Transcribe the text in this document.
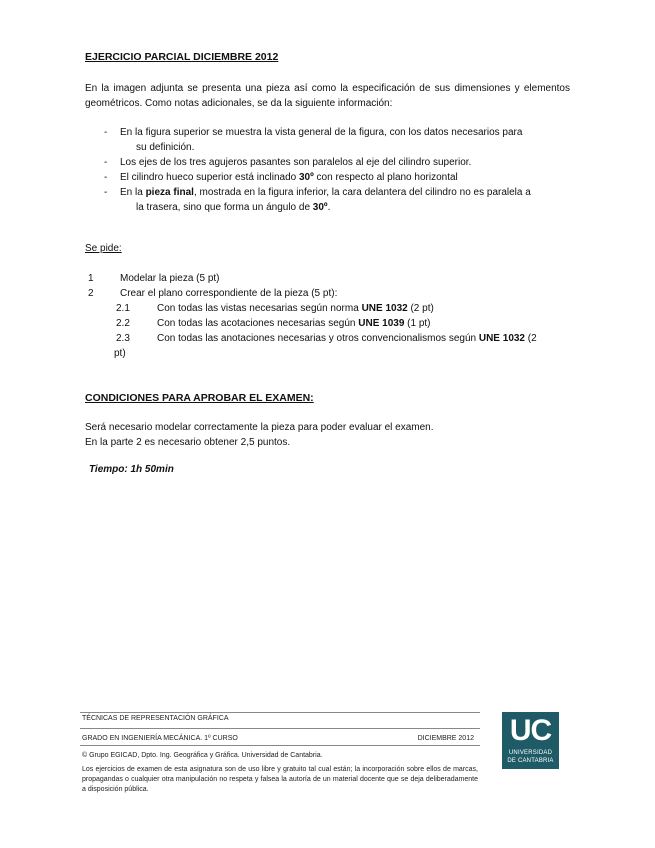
EJERCICIO PARCIAL DICIEMBRE 2012
En la imagen adjunta se presenta una pieza así como la especificación de sus dimensiones y elementos geométricos. Como notas adicionales, se da la siguiente información:
- En la figura superior se muestra la vista general de la figura, con los datos necesarios para
su definición.
- Los ejes de los tres agujeros pasantes son paralelos al eje del cilindro superior.
- El cilindro hueco superior está inclinado 30º con respecto al plano horizontal
- En la pieza final, mostrada en la figura inferior, la cara delantera del cilindro no es paralela a
la trasera, sino que forma un ángulo de 30º.
Se pide:
1	Modelar la pieza (5 pt)
2	Crear el plano correspondiente de la pieza (5 pt):
2.1	Con todas las vistas necesarias según norma UNE 1032 (2 pt)
2.2	Con todas las acotaciones necesarias según UNE 1039 (1 pt)
2.3	Con todas las anotaciones necesarias y otros convencionalismos según UNE 1032 (2
pt)
CONDICIONES PARA APROBAR EL EXAMEN:
Será necesario modelar correctamente la pieza para poder evaluar el examen.
En la parte 2 es necesario obtener 2,5 puntos.
Tiempo: 1h 50min
TÉCNICAS DE REPRESENTACIÓN GRÁFICA
GRADO EN INGENIERÍA MECÁNICA. 1º CURSO	DICIEMBRE 2012
© Grupo EGICAD, Dpto. Ing. Geográfica y Gráfica. Universidad de Cantabria.
Los ejercicios de examen de esta asignatura son de uso libre y gratuito tal cual están; la incorporación sobre ellos de marcas, propagandas o cualquier otra manipulación no respeta y falsea la autoría de un material docente que se deja deliberadamente a disposición pública.
UC
UNIVERSIDAD
DE CANTABRIA
